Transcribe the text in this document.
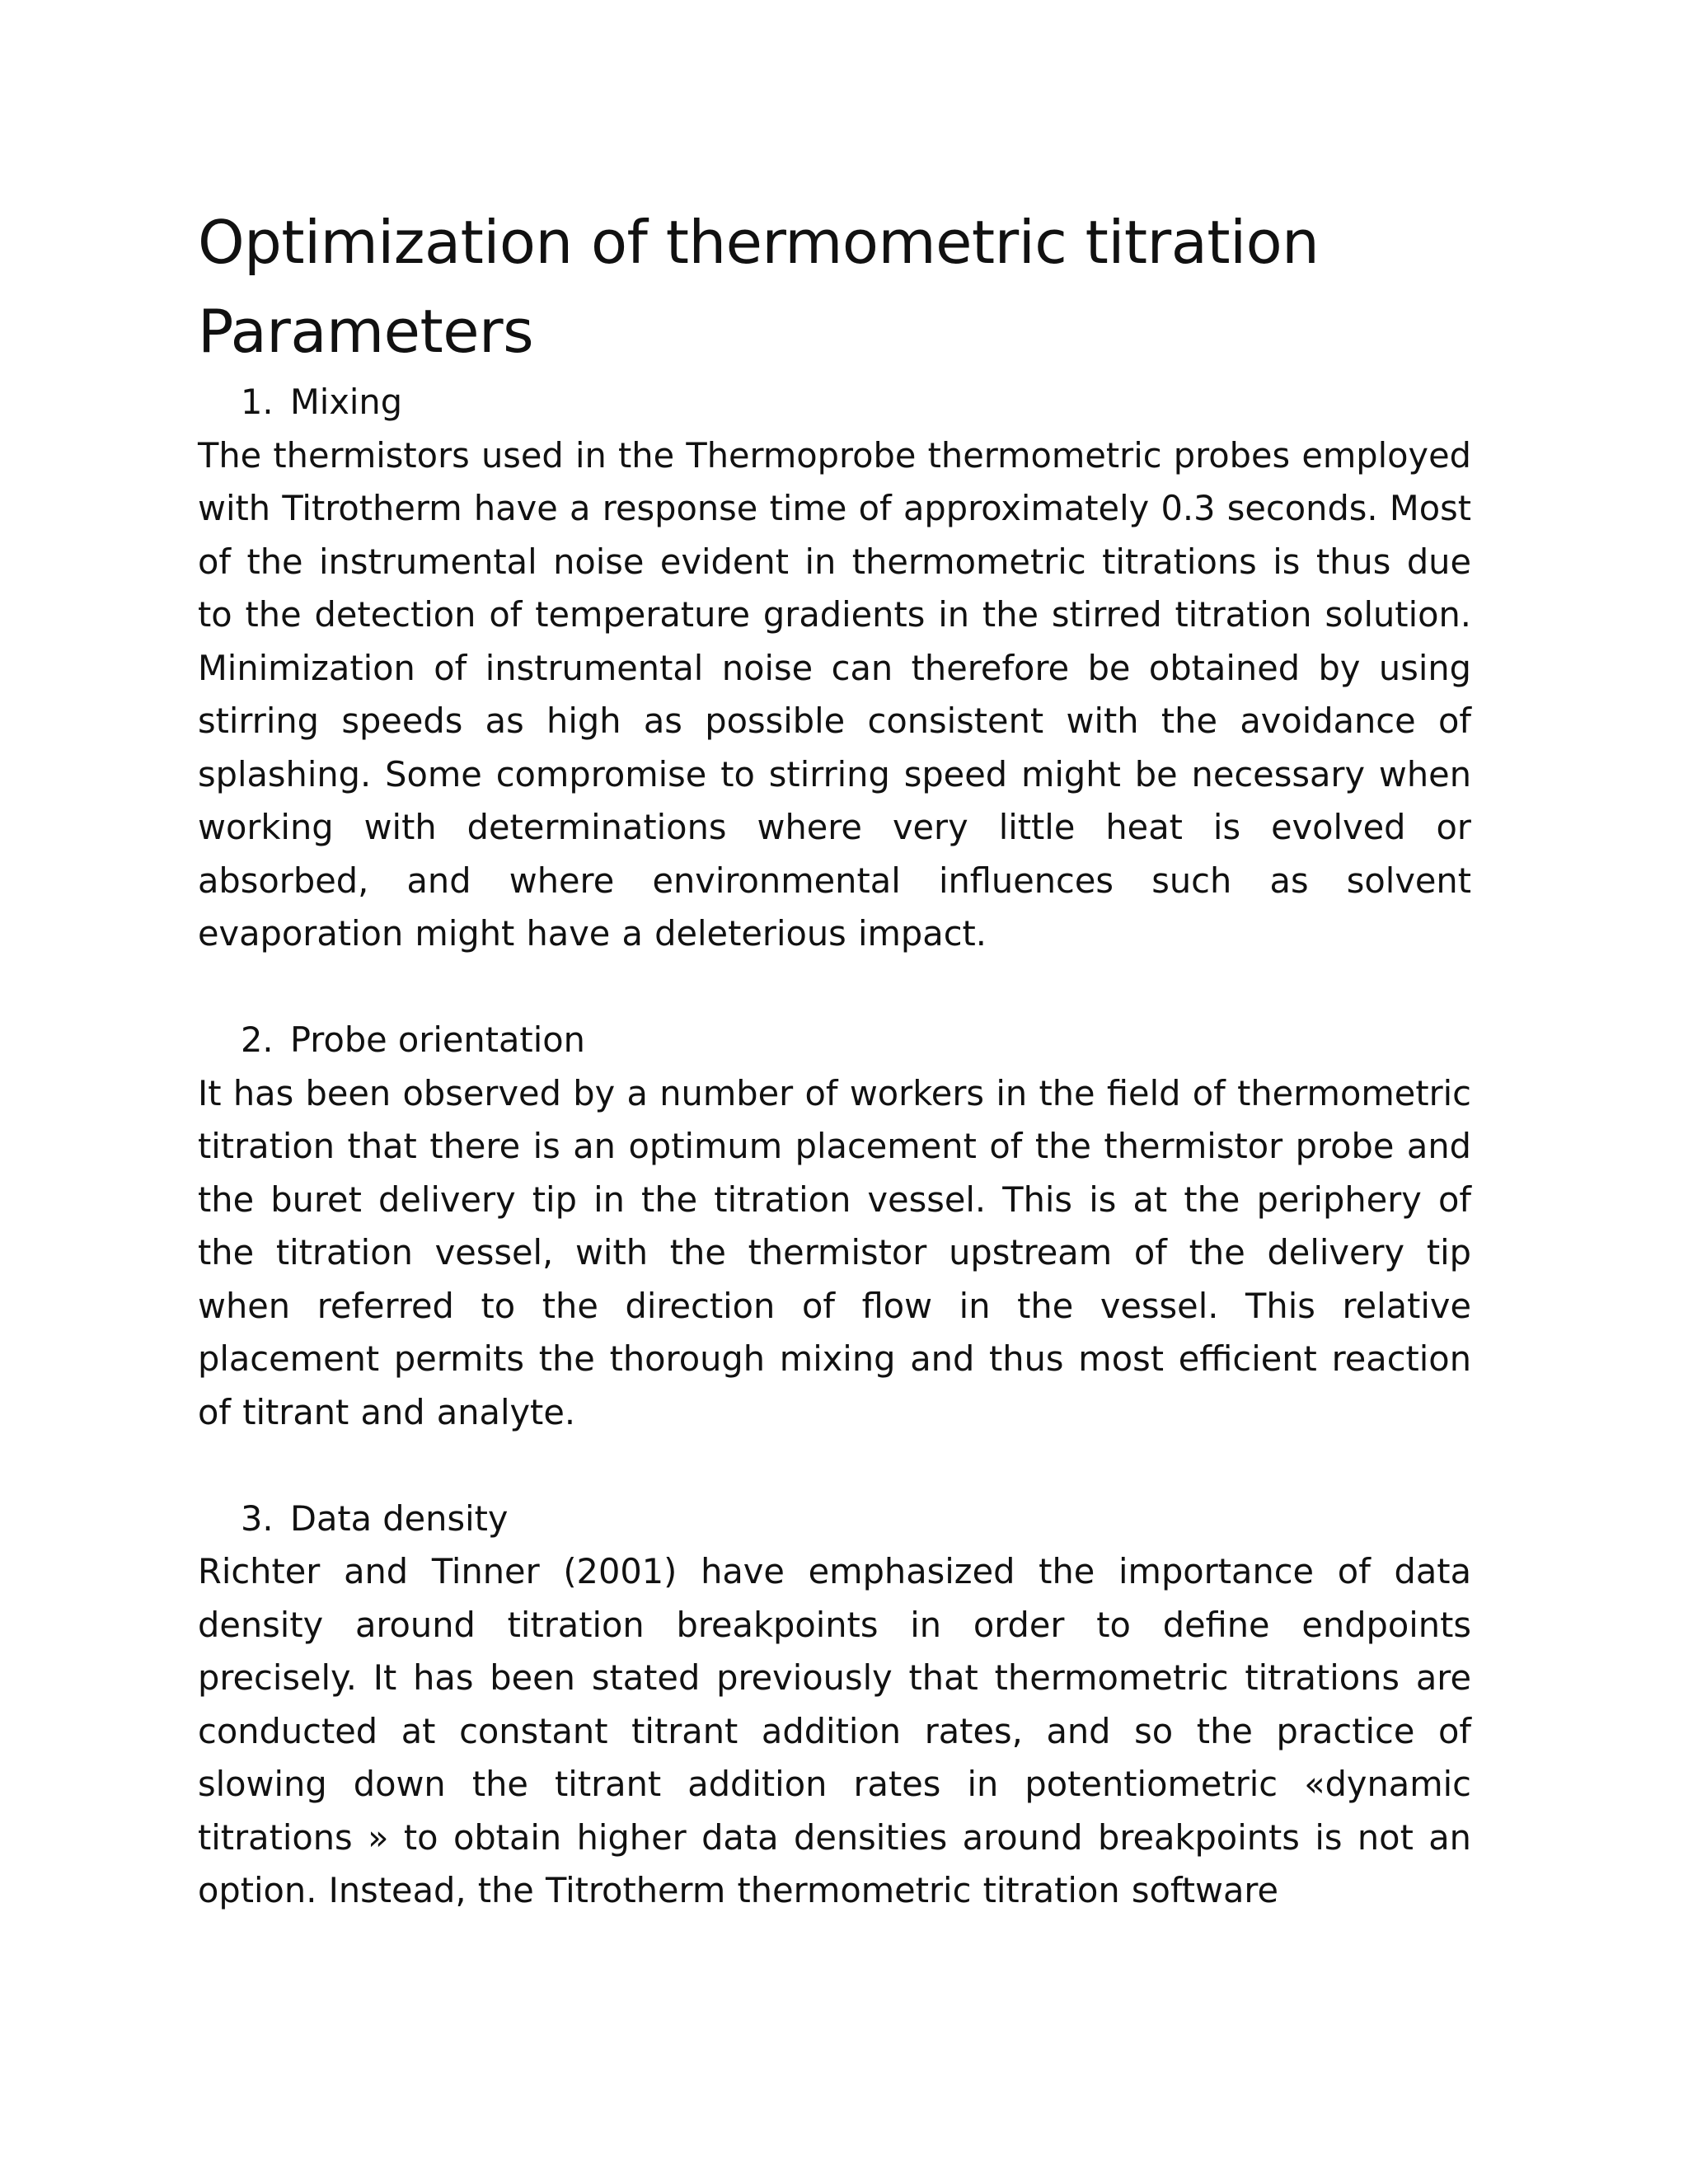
Optimization of thermometric titration Parameters
1. Mixing

The thermistors used in the Thermoprobe thermometric probes employed with Titrotherm have a response time of approximately 0.3 seconds. Most of the instrumental noise evident in thermometric titrations is thus due to the detection of temperature gradients in the stirred titration solution. Minimization of instrumental noise can therefore be obtained by using stirring speeds as high as possible consistent with the avoidance of splashing. Some compromise to stirring speed might be necessary when working with determinations where very little heat is evolved or absorbed, and where environmental influences such as solvent evaporation might have a deleterious impact.

2. Probe orientation

It has been observed by a number of workers in the field of thermometric titration that there is an optimum placement of the thermistor probe and the buret delivery tip in the titration vessel. This is at the periphery of the titration vessel, with the thermistor upstream of the delivery tip when referred to the direction of flow in the vessel. This relative placement permits the thorough mixing and thus most efficient reaction of titrant and analyte.

3. Data density

Richter and Tinner (2001) have emphasized the importance of data density around titration breakpoints in order to define endpoints precisely. It has been stated previously that thermometric titrations are conducted at constant titrant addition rates, and so the practice of slowing down the titrant addition rates in potentiometric «dynamic titrations » to obtain higher data densities around breakpoints is not an option. Instead, the Titrotherm thermometric titration software
